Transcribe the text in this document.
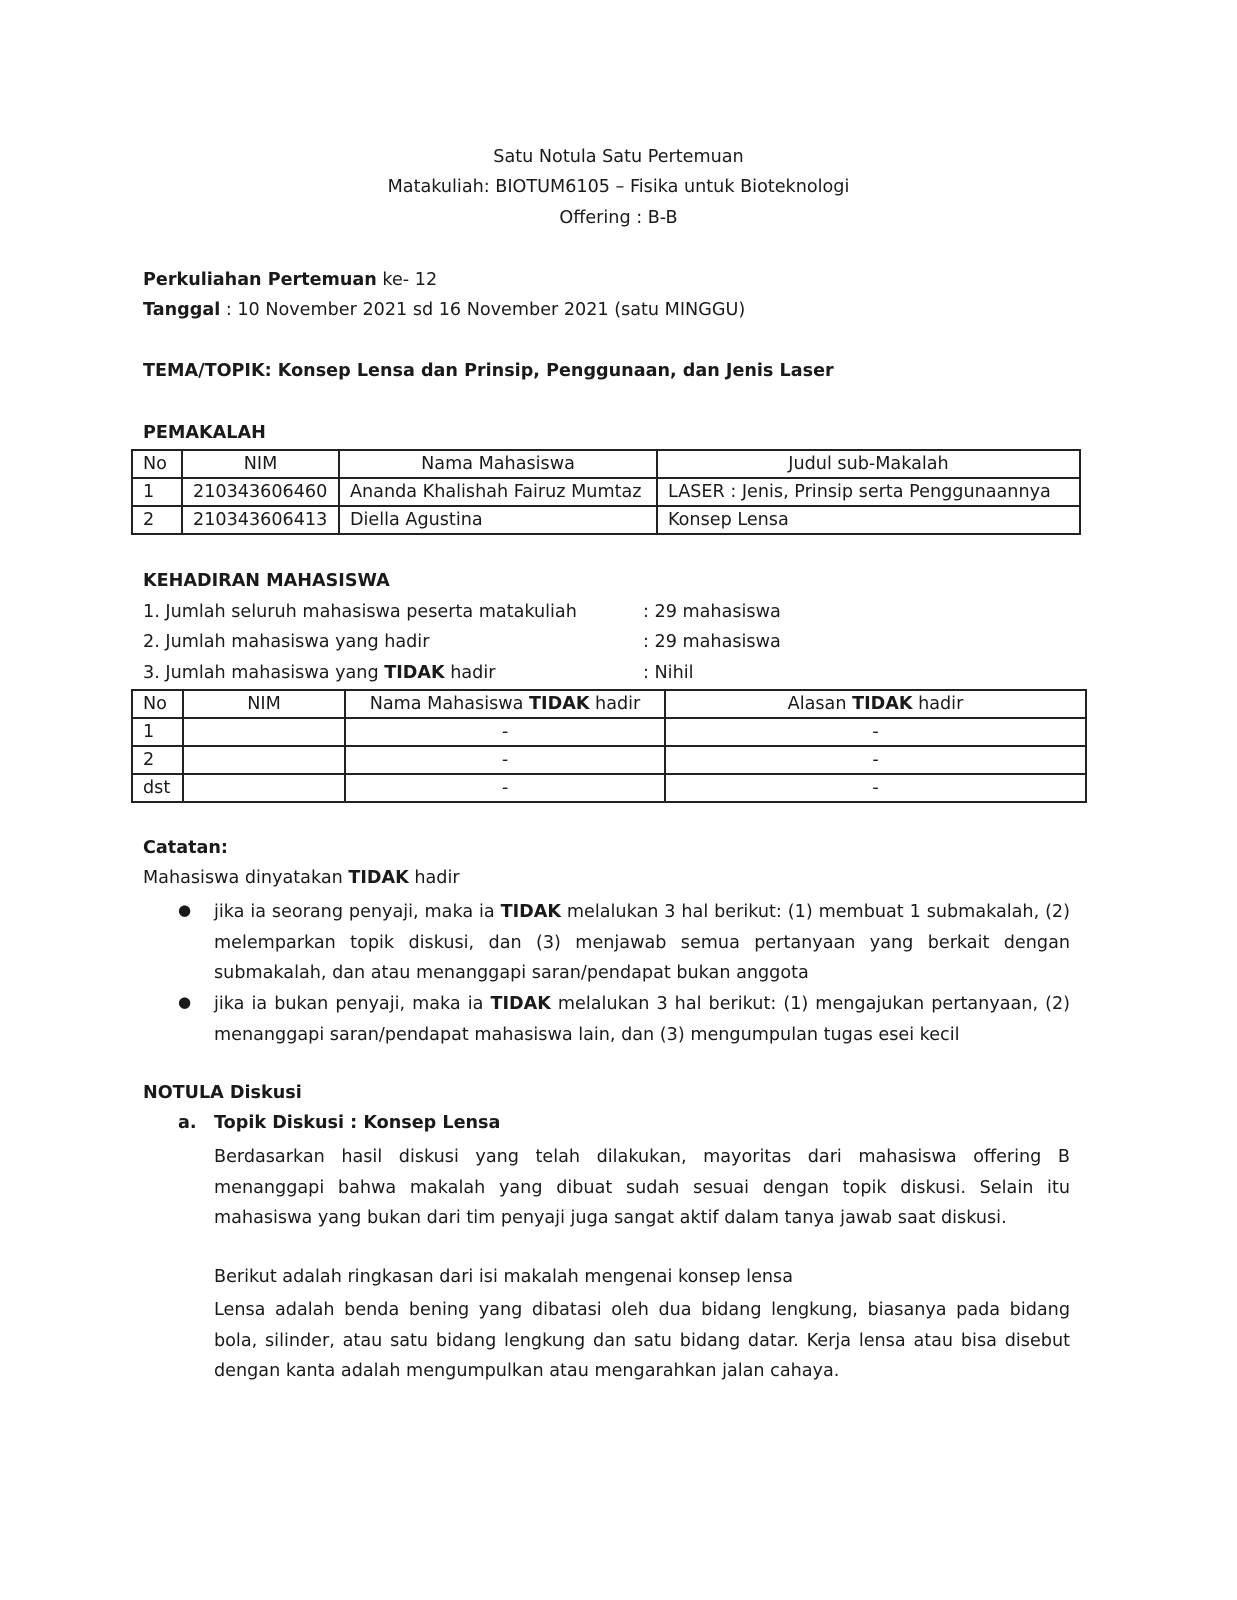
Satu Notula Satu Pertemuan
Matakuliah: BIOTUM6105 – Fisika untuk Bioteknologi
Offering : B-B
Perkuliahan Pertemuan ke- 12
Tanggal : 10 November 2021 sd 16 November 2021 (satu MINGGU)
TEMA/TOPIK: Konsep Lensa dan Prinsip, Penggunaan, dan Jenis Laser
PEMAKALAH
No	NIM	Nama Mahasiswa	Judul sub-Makalah
1	210343606460	Ananda Khalishah Fairuz Mumtaz	LASER : Jenis, Prinsip serta Penggunaannya
2	210343606413	Diella Agustina	Konsep Lensa
KEHADIRAN MAHASISWA
1. Jumlah seluruh mahasiswa peserta matakuliah	: 29 mahasiswa
2. Jumlah mahasiswa yang hadir	: 29 mahasiswa
3. Jumlah mahasiswa yang TIDAK hadir	: Nihil
No	NIM	Nama Mahasiswa TIDAK hadir	Alasan TIDAK hadir
1		-	-
2		-	-
dst		-	-
Catatan:
Mahasiswa dinyatakan TIDAK hadir
● jika ia seorang penyaji, maka ia TIDAK melalukan 3 hal berikut: (1) membuat 1 submakalah, (2) melemparkan topik diskusi, dan (3) menjawab semua pertanyaan yang berkait dengan submakalah, dan atau menanggapi saran/pendapat bukan anggota
● jika ia bukan penyaji, maka ia TIDAK melalukan 3 hal berikut: (1) mengajukan pertanyaan, (2) menanggapi saran/pendapat mahasiswa lain, dan (3) mengumpulan tugas esei kecil
NOTULA Diskusi
a. Topik Diskusi : Konsep Lensa
Berdasarkan hasil diskusi yang telah dilakukan, mayoritas dari mahasiswa offering B menanggapi bahwa makalah yang dibuat sudah sesuai dengan topik diskusi. Selain itu mahasiswa yang bukan dari tim penyaji juga sangat aktif dalam tanya jawab saat diskusi.
Berikut adalah ringkasan dari isi makalah mengenai konsep lensa
Lensa adalah benda bening yang dibatasi oleh dua bidang lengkung, biasanya pada bidang bola, silinder, atau satu bidang lengkung dan satu bidang datar. Kerja lensa atau bisa disebut dengan kanta adalah mengumpulkan atau mengarahkan jalan cahaya.
